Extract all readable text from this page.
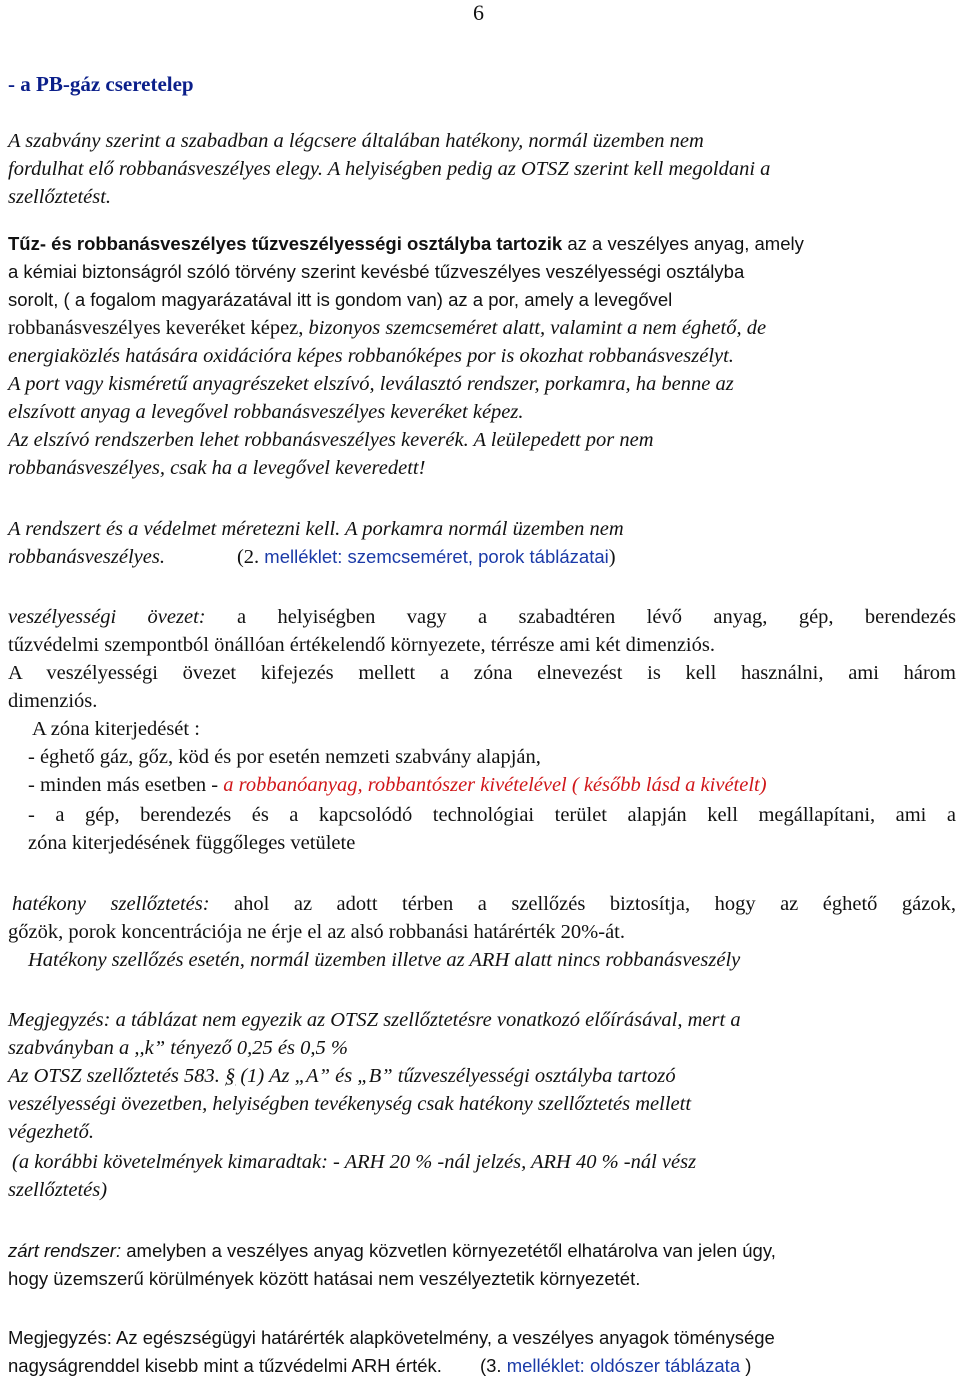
6
- a PB-gáz cseretelep
A szabvány szerint a szabadban a légcsere általában hatékony, normál üzemben nem
fordulhat elő robbanásveszélyes elegy. A helyiségben pedig az OTSZ szerint kell megoldani a
szellőztetést.
Tűz- és robbanásveszélyes tűzveszélyességi osztályba tartozik az a veszélyes anyag, amely
a kémiai biztonságról szóló törvény szerint kevésbé tűzveszélyes veszélyességi osztályba
sorolt, ( a fogalom magyarázatával itt is gondom van) az a por, amely a levegővel
robbanásveszélyes keveréket képez, bizonyos szemcseméret alatt, valamint a nem éghető, de
energiaközlés hatására oxidációra képes robbanóképes por is okozhat robbanásveszélyt.
A port vagy kisméretű anyagrészeket elszívó, leválasztó rendszer, porkamra, ha benne az
elszívott anyag a levegővel robbanásveszélyes keveréket képez.
Az elszívó rendszerben lehet robbanásveszélyes keverék. A leülepedett por nem
robbanásveszélyes, csak ha a levegővel keveredett!
A rendszert és a védelmet méretezni kell. A porkamra normál üzemben nem
robbanásveszélyes.	(2. melléklet: szemcseméret, porok táblázatai)
veszélyességi övezet: a helyiségben vagy a szabadtéren lévő anyag, gép, berendezés
tűzvédelmi szempontból önállóan értékelendő környezete, térrésze ami két dimenziós.
A veszélyességi övezet kifejezés mellett a zóna elnevezést is kell használni, ami három
dimenziós.
A zóna kiterjedését :
- éghető gáz, gőz, köd és por esetén nemzeti szabvány alapján,
- minden más esetben - a robbanóanyag, robbantószer kivételével ( később lásd a kivételt)
- a gép, berendezés és a kapcsolódó technológiai terület alapján kell megállapítani, ami a
zóna kiterjedésének függőleges vetülete
hatékony szellőztetés: ahol az adott térben a szellőzés biztosítja, hogy az éghető gázok,
gőzök, porok koncentrációja ne érje el az alsó robbanási határérték 20%-át.
Hatékony szellőzés esetén, normál üzemben illetve az ARH alatt nincs robbanásveszély
Megjegyzés: a táblázat nem egyezik az OTSZ szellőztetésre vonatkozó előírásával, mert a
szabványban a ,,k” tényező 0,25 és 0,5 %
Az OTSZ szellőztetés 583. § (1) Az „A” és „B” tűzveszélyességi osztályba tartozó
veszélyességi övezetben, helyiségben tevékenység csak hatékony szellőztetés mellett
végezhető.
(a korábbi követelmények kimaradtak: - ARH 20 % -nál jelzés, ARH 40 % -nál vész
szellőztetés)
zárt rendszer: amelyben a veszélyes anyag közvetlen környezetétől elhatárolva van jelen úgy,
hogy üzemszerű körülmények között hatásai nem veszélyeztetik környezetét.
Megjegyzés: Az egészségügyi határérték alapkövetelmény, a veszélyes anyagok töménysége
nagyságrenddel kisebb mint a tűzvédelmi ARH érték. (3. melléklet: oldószer táblázata )
